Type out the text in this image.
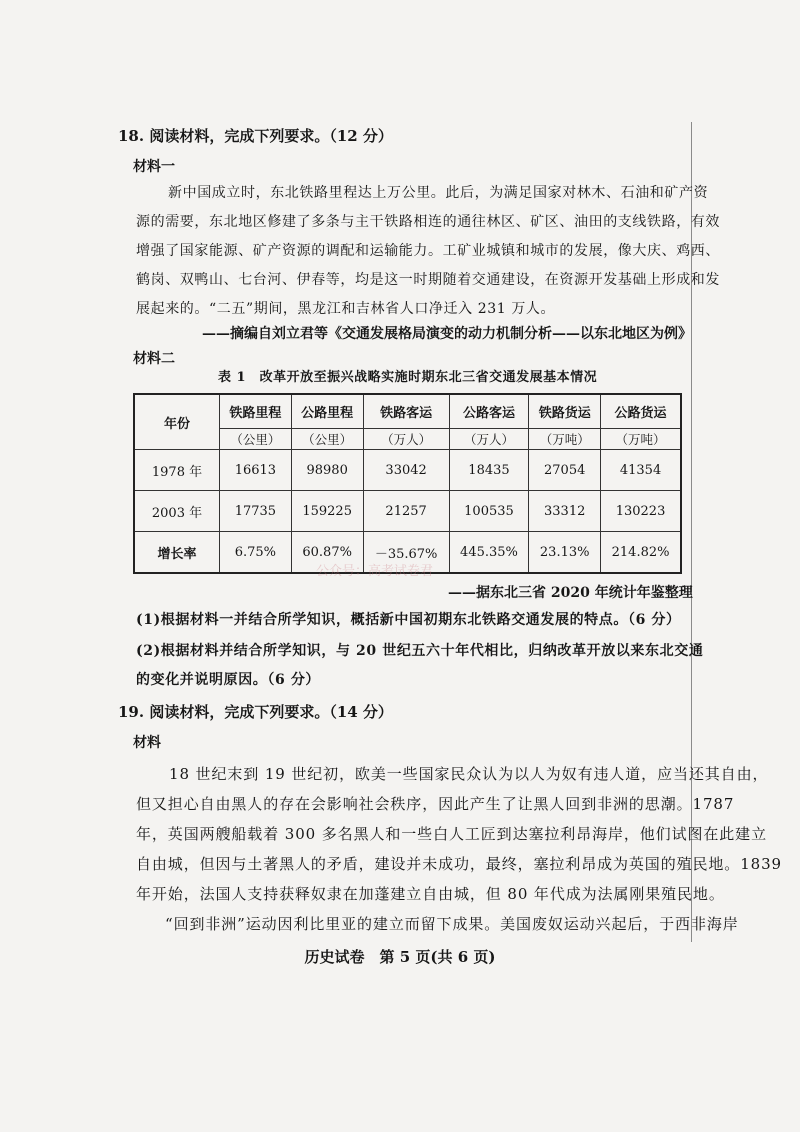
18. 阅读材料，完成下列要求。（12 分）
材料一
新中国成立时，东北铁路里程达上万公里。此后，为满足国家对林木、石油和矿产资
源的需要，东北地区修建了多条与主干铁路相连的通往林区、矿区、油田的支线铁路，有效
增强了国家能源、矿产资源的调配和运输能力。工矿业城镇和城市的发展，像大庆、鸡西、
鹤岗、双鸭山、七台河、伊春等，均是这一时期随着交通建设，在资源开发基础上形成和发
展起来的。“二五”期间，黑龙江和吉林省人口净迁入 231 万人。
——摘编自刘立君等《交通发展格局演变的动力机制分析——以东北地区为例》
材料二
表 1　改革开放至振兴战略实施时期东北三省交通发展基本情况
年份	铁路里程	公路里程	铁路客运	公路客运	铁路货运	公路货运
	（公里）	（公里）	（万人）	（万人）	（万吨）	（万吨）
1978 年	16613	98980	33042	18435	27054	41354
2003 年	17735	159225	21257	100535	33312	130223
增长率	6.75%	60.87%	－35.67%	445.35%	23.13%	214.82%
公众号：高考试卷君
——据东北三省 2020 年统计年鉴整理
(1)根据材料一并结合所学知识，概括新中国初期东北铁路交通发展的特点。（6 分）
(2)根据材料并结合所学知识，与 20 世纪五六十年代相比，归纳改革开放以来东北交通
的变化并说明原因。（6 分）
19. 阅读材料，完成下列要求。（14 分）
材料
18 世纪末到 19 世纪初，欧美一些国家民众认为以人为奴有违人道，应当还其自由，
但又担心自由黑人的存在会影响社会秩序，因此产生了让黑人回到非洲的思潮。1787
年，英国两艘船载着 300 多名黑人和一些白人工匠到达塞拉利昂海岸，他们试图在此建立
自由城，但因与土著黑人的矛盾，建设并未成功，最终，塞拉利昂成为英国的殖民地。1839
年开始，法国人支持获释奴隶在加蓬建立自由城，但 80 年代成为法属刚果殖民地。
“回到非洲”运动因利比里亚的建立而留下成果。美国废奴运动兴起后，于西非海岸
历史试卷　第 5 页(共 6 页)
